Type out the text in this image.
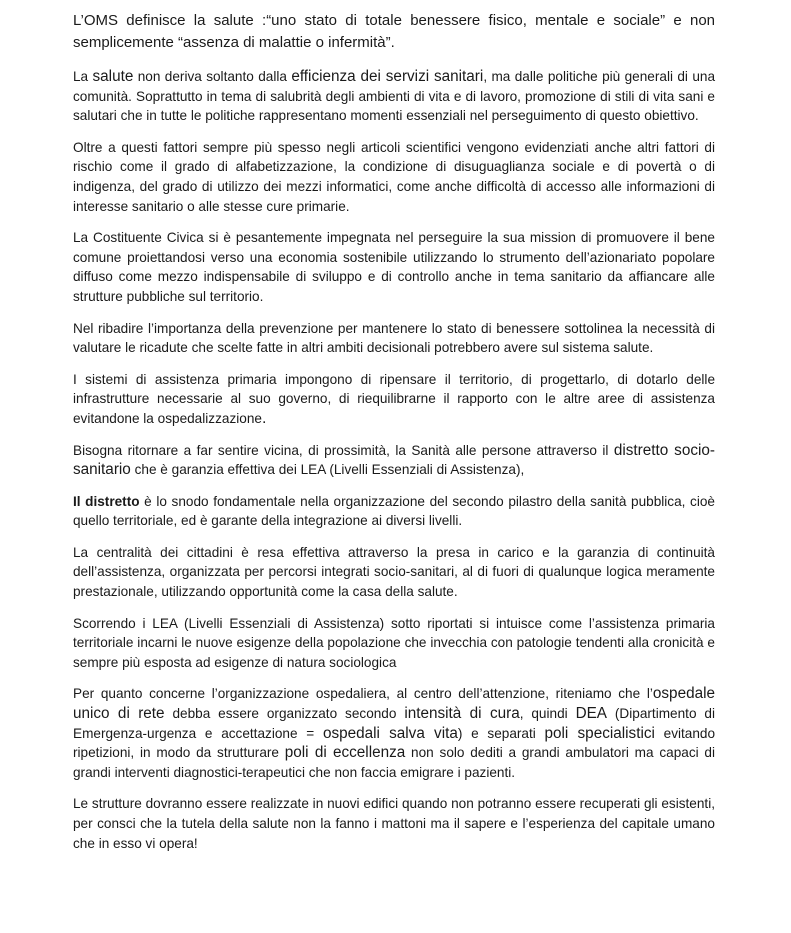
L’OMS definisce la salute :“uno stato di totale benessere fisico, mentale e sociale” e non semplicemente “assenza di malattie o infermità”.

La salute non deriva soltanto dalla efficienza dei servizi sanitari, ma dalle politiche più generali di una comunità. Soprattutto in tema di salubrità degli ambienti di vita e di lavoro, promozione di stili di vita sani e salutari che in tutte le politiche rappresentano momenti essenziali nel perseguimento di questo obiettivo.

Oltre a questi fattori sempre più spesso negli articoli scientifici vengono evidenziati anche altri fattori di rischio come il grado di alfabetizzazione, la condizione di disuguaglianza sociale e di povertà o di indigenza, del grado di utilizzo dei mezzi informatici, come anche difficoltà di accesso alle informazioni di interesse sanitario o alle stesse cure primarie.

La Costituente Civica si è pesantemente impegnata nel perseguire la sua mission di promuovere il bene comune proiettandosi verso una economia sostenibile utilizzando lo strumento dell’azionariato popolare diffuso come mezzo indispensabile di sviluppo e di controllo anche in tema sanitario da affiancare alle strutture pubbliche sul territorio.

Nel ribadire l’importanza della prevenzione per mantenere lo stato di benessere sottolinea la necessità di valutare le ricadute che scelte fatte in altri ambiti decisionali potrebbero avere sul sistema salute.

I sistemi di assistenza primaria impongono di ripensare il territorio, di progettarlo, di dotarlo delle infrastrutture necessarie al suo governo, di riequilibrarne il rapporto con le altre aree di assistenza evitandone la ospedalizzazione.

Bisogna ritornare a far sentire vicina, di prossimità, la Sanità alle persone attraverso il distretto socio-sanitario che è garanzia effettiva dei LEA (Livelli Essenziali di Assistenza),

Il distretto è lo snodo fondamentale nella organizzazione del secondo pilastro della sanità pubblica, cioè quello territoriale, ed è garante della integrazione ai diversi livelli.

La centralità dei cittadini è resa effettiva attraverso la presa in carico e la garanzia di continuità dell’assistenza, organizzata per percorsi integrati socio-sanitari, al di fuori di qualunque logica meramente prestazionale, utilizzando opportunità come la casa della salute.

Scorrendo i LEA (Livelli Essenziali di Assistenza) sotto riportati si intuisce come l’assistenza primaria territoriale incarni le nuove esigenze della popolazione che invecchia con patologie tendenti alla cronicità e sempre più esposta ad esigenze di natura sociologica

Per quanto concerne l’organizzazione ospedaliera, al centro dell’attenzione, riteniamo che l’ospedale unico di rete debba essere organizzato secondo intensità di cura, quindi DEA (Dipartimento di Emergenza-urgenza e accettazione = ospedali salva vita) e separati poli specialistici evitando ripetizioni, in modo da strutturare poli di eccellenza non solo dediti a grandi ambulatori ma capaci di grandi interventi diagnostici-terapeutici che non faccia emigrare i pazienti.

Le strutture dovranno essere realizzate in nuovi edifici quando non potranno essere recuperati gli esistenti, per consci che la tutela della salute non la fanno i mattoni ma il sapere e l’esperienza del capitale umano che in esso vi opera!
